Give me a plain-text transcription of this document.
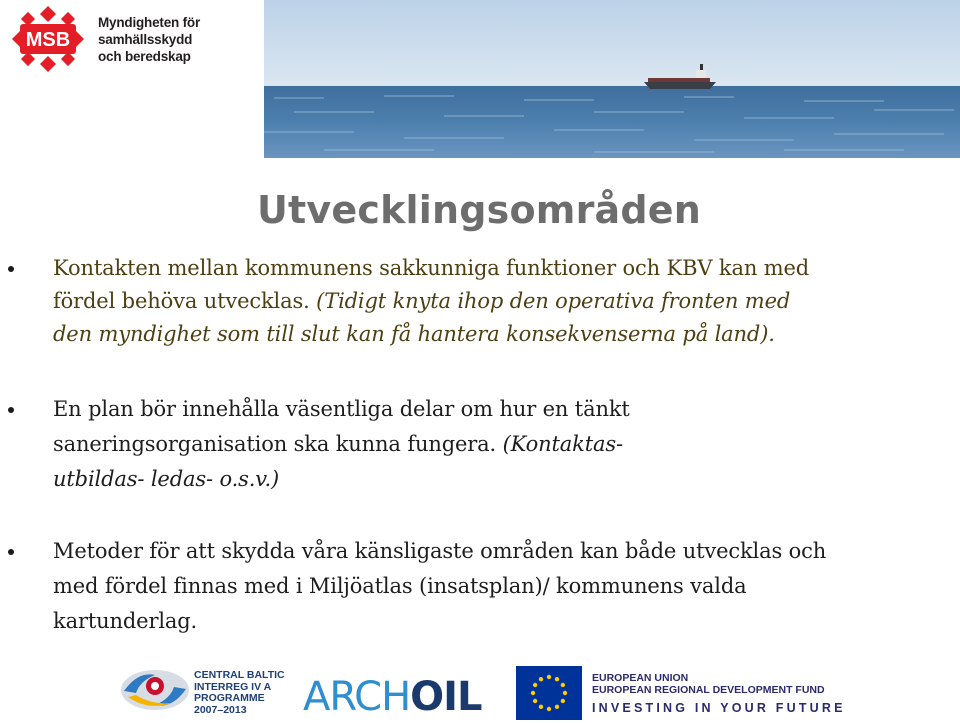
MSB
Myndigheten för
samhällsskydd
och beredskap
Utvecklingsområden
Kontakten mellan kommunens sakkunniga funktioner och KBV kan med
fördel behöva utvecklas. (Tidigt knyta ihop den operativa fronten med
den myndighet som till slut kan få hantera konsekvenserna på land).
En plan bör innehålla väsentliga delar om hur en tänkt
saneringsorganisation ska kunna fungera. (Kontaktas-
utbildas- ledas- o.s.v.)
Metoder för att skydda våra känsligaste områden kan både utvecklas och
med fördel finnas med i Miljöatlas (insatsplan)/ kommunens valda
kartunderlag.
CENTRAL BALTIC
INTERREG IV A
PROGRAMME
2007–2013	ARCHOIL	EUROPEAN UNION
EUROPEAN REGIONAL DEVELOPMENT FUND
INVESTING IN YOUR FUTURE
